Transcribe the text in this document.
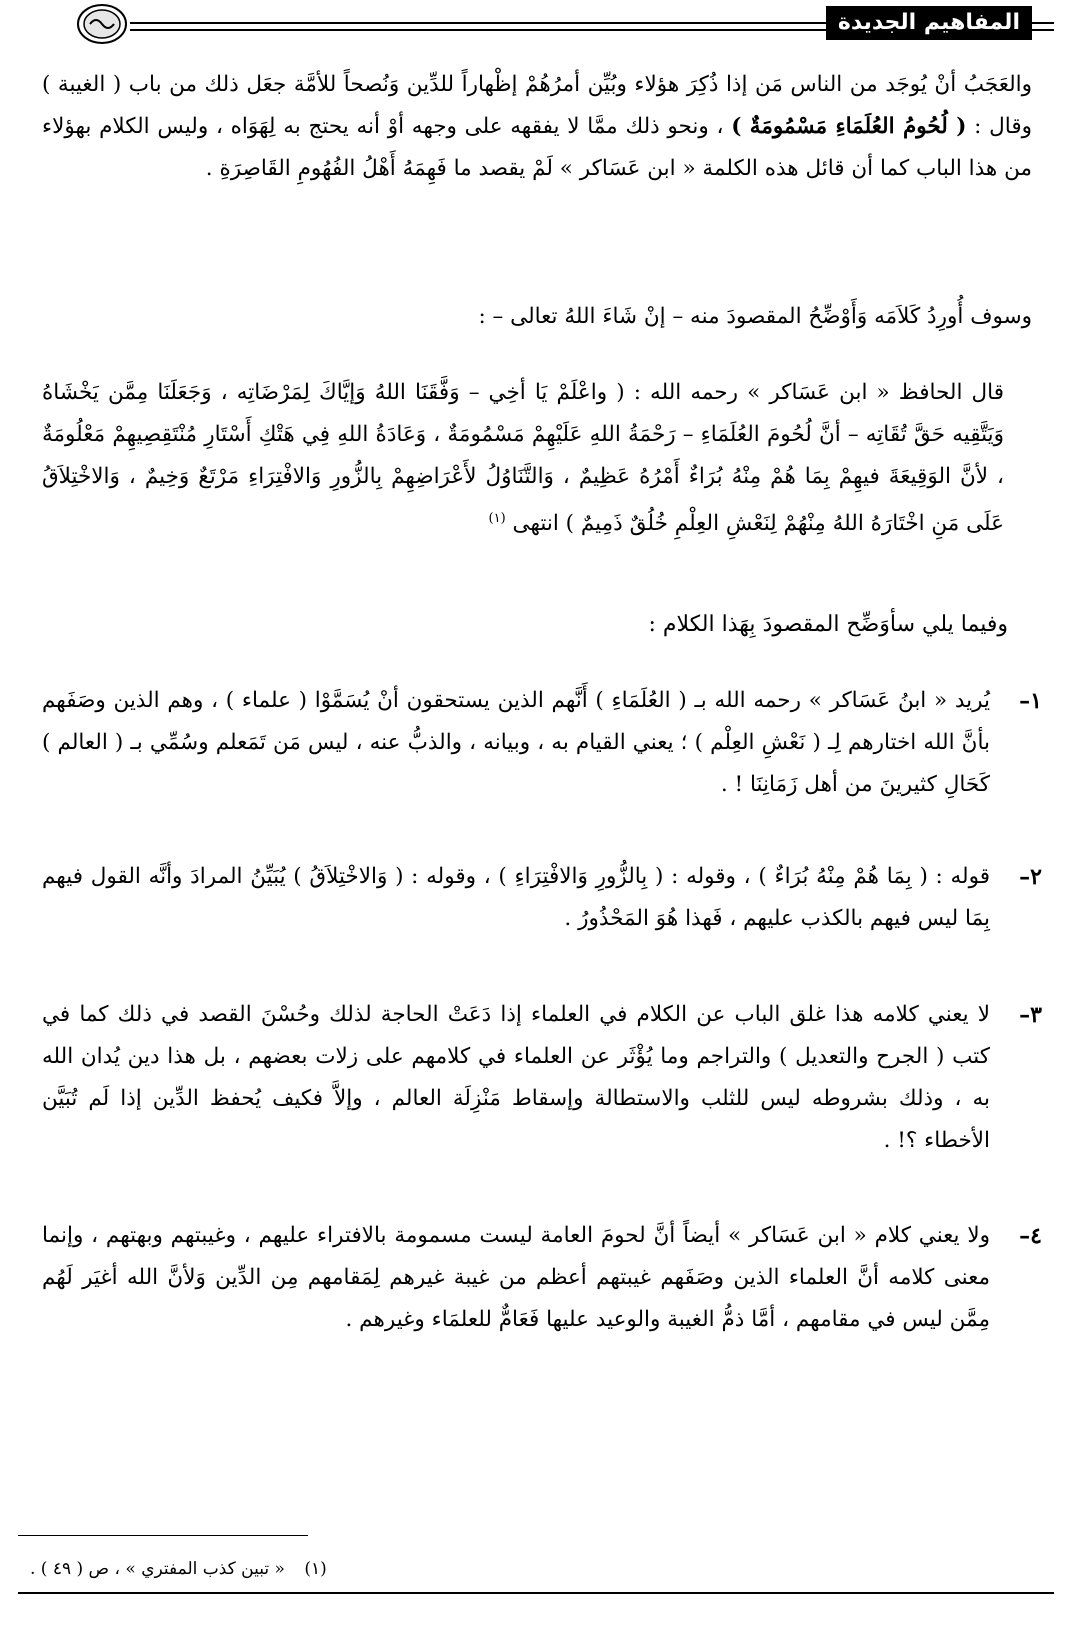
المفاهيم الجديدة

والعَجَبُ أنْ يُوجَد من الناس مَن إذا ذُكِرَ هؤلاء وبُيِّن أمرُهُمْ إظْهاراً للدِّين وَنُصحاً للأمَّة جعَل ذلك من باب ( الغيبة ) وقال : ( لُحُومُ العُلَمَاءِ مَسْمُومَةٌ ) ، ونحو ذلك ممَّا لا يفقهه على وجهه أوْ أنه يحتج به لِهَوَاه ، وليس الكلام بهؤلاء من هذا الباب كما أن قائل هذه الكلمة « ابن عَسَاكر » لَمْ يقصد ما فَهِمَهُ أَهْلُ الفُهُومِ القَاصِرَةِ .

وسوف أُورِدُ كَلاَمَه وَأَوْضِّحُ المقصودَ منه – إنْ شَاءَ اللهُ تعالى – :

قال الحافظ « ابن عَسَاكر » رحمه الله : ( واعْلَمْ يَا أخِي – وَفَّقَنَا اللهُ وَإيَّاكَ لِمَرْضَاتِه ، وَجَعَلَنَا مِمَّن يَخْشَاهُ وَيَتَّقِيه حَقَّ تُقَاتِه – أنَّ لُحُومَ العُلَمَاءِ – رَحْمَةُ اللهِ عَلَيْهِمْ مَسْمُومَةٌ ، وَعَادَةُ اللهِ فِي هَتْكِ أَسْتَارِ مُنْتَقِصِيهِمْ مَعْلُومَةٌ ، لأنَّ الوَقِيعَةَ فيهِمْ بِمَا هُمْ مِنْهُ بُرَاءٌ أَمْرُهُ عَظِيمٌ ، وَالتَّنَاوُلُ لأَعْرَاضِهِمْ بِالزُّورِ وَالافْتِرَاءِ مَرْتَعٌ وَخِيمٌ ، وَالاخْتِلاَقُ عَلَى مَنِ اخْتَارَهُ اللهُ مِنْهُمْ لِنَعْشِ العِلْمِ خُلُقٌ ذَمِيمٌ ) انتهى $^{(١)}$

وفيما يلي سأوَضِّح المقصودَ بِهَذا الكلام :
١–

يُريد « ابنُ عَسَاكر » رحمه الله بـ ( العُلَمَاءِ ) أَنَّهم الذين يستحقون أنْ يُسَمَّوْا ( علماء ) ، وهم الذين وصَفَهم بأنَّ الله اختارهم لِـ ( نَعْشِ العِلْم ) ؛ يعني القيام به ، وبيانه ، والذبُّ عنه ، ليس مَن تَمَعلم وسُمِّي بـ ( العالم ) كَحَالِ كثيرينَ من أهل زَمَانِنَا ! .

٢–

قوله : ( بِمَا هُمْ مِنْهُ بُرَاءٌ ) ، وقوله : ( بِالزُّورِ وَالافْتِرَاءِ ) ، وقوله : ( وَالاخْتِلاَقُ ) يُبَيِّنُ المرادَ وأنَّه القول فيهم بِمَا ليس فيهم بالكذب عليهم ، فَهذا هُوَ المَحْذُورُ .

٣–

لا يعني كلامه هذا غلق الباب عن الكلام في العلماء إذا دَعَتْ الحاجة لذلك وحُسْنَ القصد في ذلك كما في كتب ( الجرح والتعديل ) والتراجم وما يُؤْثَر عن العلماء في كلامهم على زلات بعضهم ، بل هذا دين يُدان الله به ، وذلك بشروطه ليس للثلب والاستطالة وإسقاط مَنْزِلَة العالم ، وإلاَّ فكيف يُحفظ الدِّين إذا لَم تُبَيَّن الأخطاء ؟! .

٤–

ولا يعني كلام « ابن عَسَاكر » أيضاً أنَّ لحومَ العامة ليست مسمومة بالافتراء عليهم ، وغيبتهم وبهتهم ، وإنما معنى كلامه أنَّ العلماء الذين وصَفَهم غيبتهم أعظم من غيبة غيرهم لِمَقامهم مِن الدِّين وَلأنَّ الله أغيَر لَهُم مِمَّن ليس في مقامهم ، أمَّا ذمُّ الغيبة والوعيد عليها فَعَامٌّ للعلمَاء وغيرهم .

(١) « تبين كذب المفتري » ، ص ( ٤٩ ) .
